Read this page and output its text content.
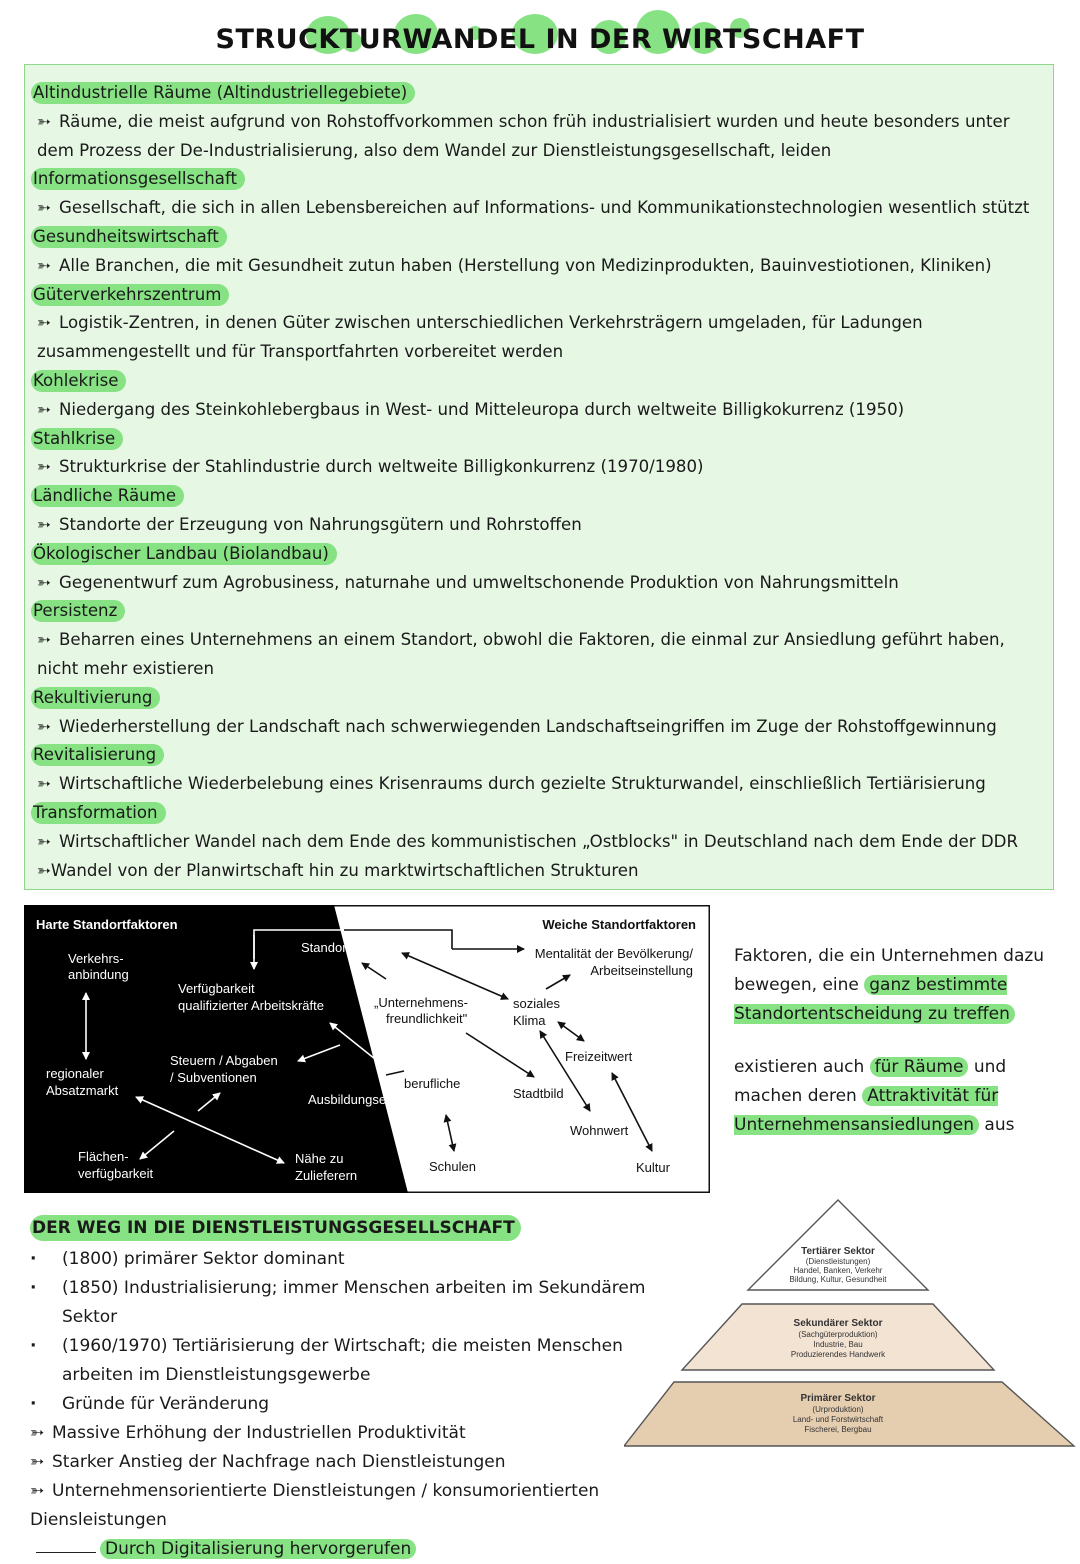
STRUCKTURWANDEL IN DER WIRTSCHAFT
Altindustrielle Räume (Altindustriellegebiete)
➳ Räume, die meist aufgrund von Rohstoffvorkommen schon früh industrialisiert wurden und heute besonders unter dem Prozess der De-Industrialisierung, also dem Wandel zur Dienstleistungsgesellschaft, leiden
Informationsgesellschaft
➳ Gesellschaft, die sich in allen Lebensbereichen auf Informations- und Kommunikationstechnologien wesentlich stützt
Gesundheitswirtschaft
➳ Alle Branchen, die mit Gesundheit zutun haben (Herstellung von Medizinprodukten, Bauinvestiotionen, Kliniken)
Güterverkehrszentrum
➳ Logistik-Zentren, in denen Güter zwischen unterschiedlichen Verkehrsträgern umgeladen, für Ladungen zusammengestellt und für Transportfahrten vorbereitet werden
Kohlekrise
➳ Niedergang des Steinkohlebergbaus in West- und Mitteleuropa durch weltweite Billigkokurrenz (1950)
Stahlkrise
➳ Strukturkrise der Stahlindustrie durch weltweite Billigkonkurrenz (1970/1980)
Ländliche Räume
➳ Standorte der Erzeugung von Nahrungsgütern und Rohrstoffen
Ökologischer Landbau (Biolandbau)
➳ Gegenentwurf zum Agrobusiness, naturnahe und umweltschonende Produktion von Nahrungsmitteln
Persistenz
➳ Beharren eines Unternehmens an einem Standort, obwohl die Faktoren, die einmal zur Ansiedlung geführt haben, nicht mehr existieren
Rekultivierung
➳ Wiederherstellung der Landschaft nach schwerwiegenden Landschaftseingriffen im Zuge der Rohstoffgewinnung
Revitalisierung
➳ Wirtschaftliche Wiederbelebung eines Krisenraums durch gezielte Strukturwandel, einschließlich Tertiärisierung
Transformation
➳ Wirtschaftlicher Wandel nach dem Ende des kommunistischen „Ostblocks" in Deutschland nach dem Ende der DDR ➳Wandel von der Planwirtschaft hin zu marktwirtschaftlichen Strukturen
Harte Standortfaktoren	Weiche Standortfaktoren
Verkehrs-
anbindung
Verfügbarkeit
qualifizierter Arbeitskräfte
regionaler
Absatzmarkt
Steuern / Abgaben
/ Subventionen
Flächen-
verfügbarkeit
Nähe zu
Zulieferern
Standortimage
Ausbildungseinrichtungen
Mentalität der Bevölkerung/
Arbeitseinstellung
„Unternehmens-
freundlichkeit"
soziales
Klima
Freizeitwert
berufliche
Stadtbild
Wohnwert
Schulen	Kultur

Faktoren, die ein Unternehmen dazu bewegen, eine ganz bestimmte Standortentscheidung zu treffen

existieren auch für Räume und machen deren Attraktivität für Unternehmensansiedlungen aus

DER WEG IN DIE DIENSTLEISTUNGSGESELLSCHAFT
· (1800) primärer Sektor dominant
· (1850) Industrialisierung; immer Menschen arbeiten im Sekundärem Sektor
· (1960/1970) Tertiärisierung der Wirtschaft; die meisten Menschen arbeiten im Dienstleistungsgewerbe
· Gründe für Veränderung
➳ Massive Erhöhung der Industriellen Produktivität
➳ Starker Anstieg der Nachfrage nach Dienstleistungen
➳ Unternehmensorientierte Dienstleistungen / konsumorientierten Diensleistungen
Durch Digitalisierung hervorgerufen
Tertiärer Sektor
(Dienstleistungen)
Handel, Banken, Verkehr
Bildung, Kultur, Gesundheit
Sekundärer Sektor
(Sachgüterproduktion)
Industrie, Bau
Produzierendes Handwerk
Primärer Sektor
(Urproduktion)
Land- und Forstwirtschaft
Fischerei, Bergbau
